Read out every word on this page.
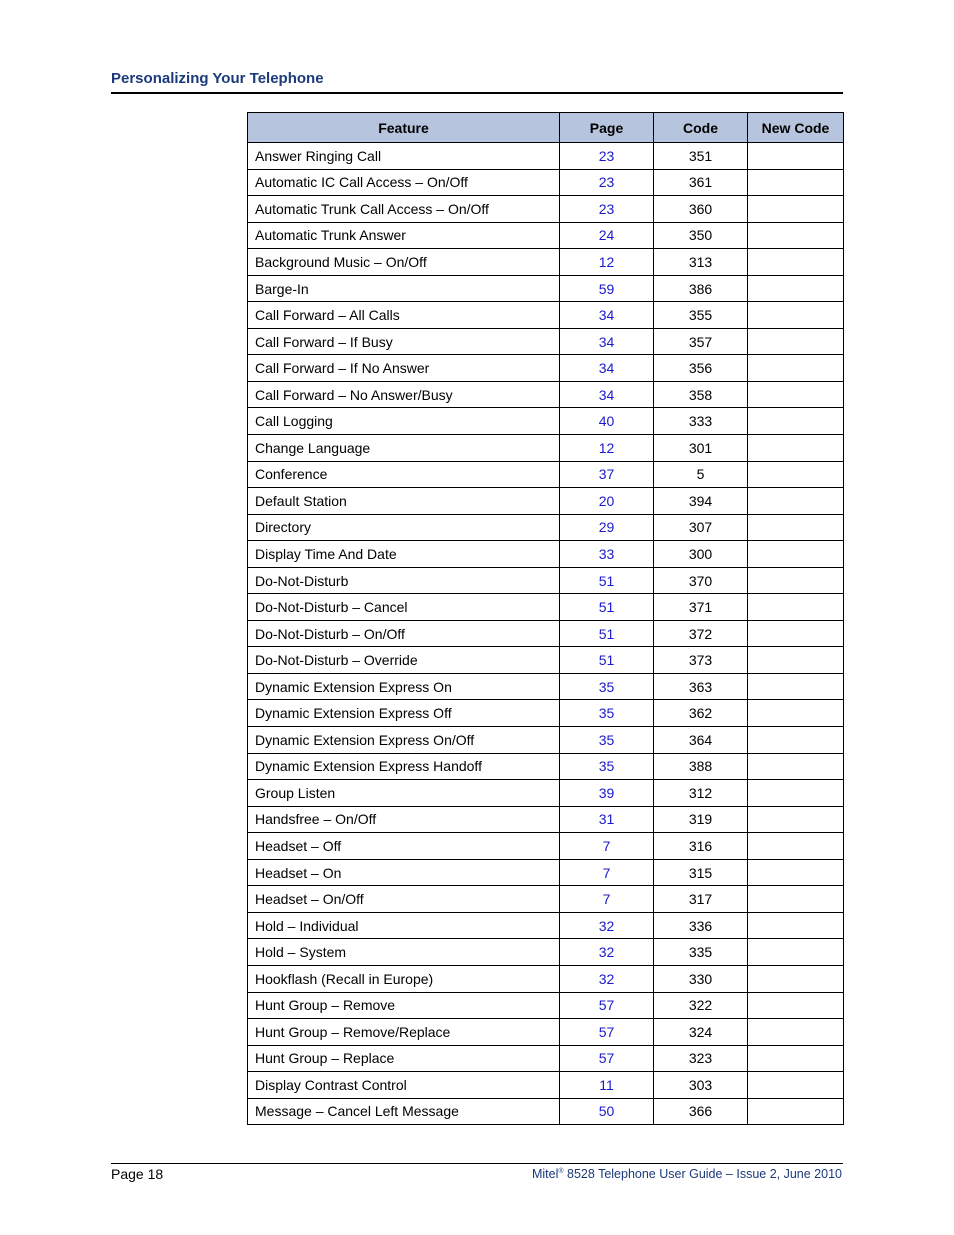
Personalizing Your Telephone
Feature	Page	Code	New Code
Answer Ringing Call	23	351	
Automatic IC Call Access – On/Off	23	361	
Automatic Trunk Call Access – On/Off	23	360	
Automatic Trunk Answer	24	350	
Background Music – On/Off	12	313	
Barge-In	59	386	
Call Forward – All Calls	34	355	
Call Forward – If Busy	34	357	
Call Forward – If No Answer	34	356	
Call Forward – No Answer/Busy	34	358	
Call Logging	40	333	
Change Language	12	301	
Conference	37	5	
Default Station	20	394	
Directory	29	307	
Display Time And Date	33	300	
Do-Not-Disturb	51	370	
Do-Not-Disturb – Cancel	51	371	
Do-Not-Disturb – On/Off	51	372	
Do-Not-Disturb – Override	51	373	
Dynamic Extension Express On	35	363	
Dynamic Extension Express Off	35	362	
Dynamic Extension Express On/Off	35	364	
Dynamic Extension Express Handoff	35	388	
Group Listen	39	312	
Handsfree – On/Off	31	319	
Headset – Off	7	316	
Headset – On	7	315	
Headset – On/Off	7	317	
Hold – Individual	32	336	
Hold – System	32	335	
Hookflash (Recall in Europe)	32	330	
Hunt Group – Remove	57	322	
Hunt Group – Remove/Replace	57	324	
Hunt Group – Replace	57	323	
Display Contrast Control	11	303	
Message – Cancel Left Message	50	366	
Page 18	Mitel® 8528 Telephone User Guide – Issue 2, June 2010
